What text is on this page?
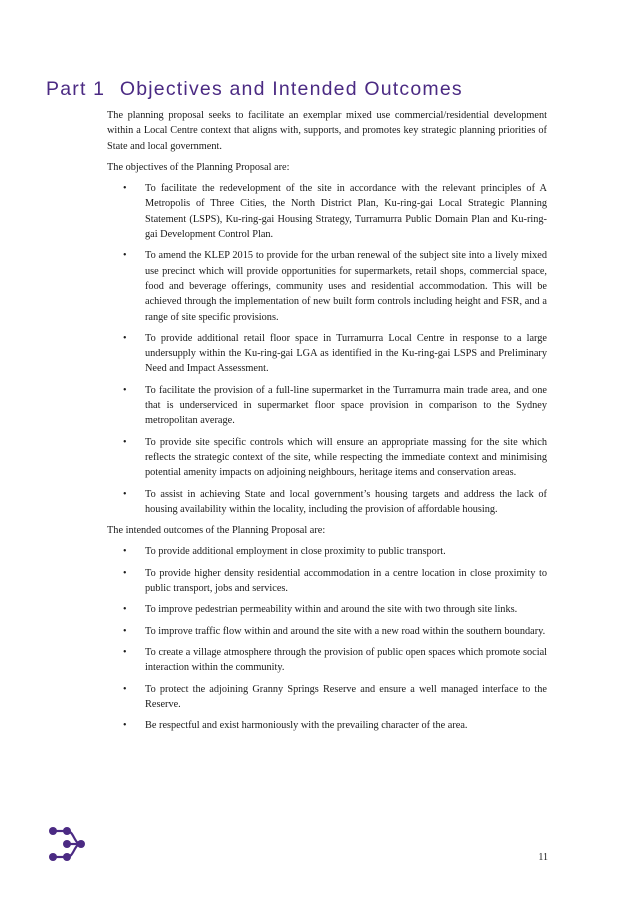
Part 1 Objectives and Intended Outcomes

The planning proposal seeks to facilitate an exemplar mixed use commercial/residential development within a Local Centre context that aligns with, supports, and promotes key strategic planning priorities of State and local government.

The objectives of the Planning Proposal are:

•	To facilitate the redevelopment of the site in accordance with the relevant principles of A Metropolis of Three Cities, the North District Plan, Ku-ring-gai Local Strategic Planning Statement (LSPS), Ku-ring-gai Housing Strategy, Turramurra Public Domain Plan and Ku-ring-gai Development Control Plan.
•	To amend the KLEP 2015 to provide for the urban renewal of the subject site into a lively mixed use precinct which will provide opportunities for supermarkets, retail shops, commercial space, food and beverage offerings, community uses and residential accommodation. This will be achieved through the implementation of new built form controls including height and FSR, and a range of site specific provisions.
•	To provide additional retail floor space in Turramurra Local Centre in response to a large undersupply within the Ku-ring-gai LGA as identified in the Ku-ring-gai LSPS and Preliminary Need and Impact Assessment.
•	To facilitate the provision of a full-line supermarket in the Turramurra main trade area, and one that is underserviced in supermarket floor space provision in comparison to the Sydney metropolitan average.
•	To provide site specific controls which will ensure an appropriate massing for the site which reflects the strategic context of the site, while respecting the immediate context and minimising potential amenity impacts on adjoining neighbours, heritage items and conservation areas.
•	To assist in achieving State and local government’s housing targets and address the lack of housing availability within the locality, including the provision of affordable housing.

The intended outcomes of the Planning Proposal are:

•	To provide additional employment in close proximity to public transport.
•	To provide higher density residential accommodation in a centre location in close proximity to public transport, jobs and services.
•	To improve pedestrian permeability within and around the site with two through site links.
•	To improve traffic flow within and around the site with a new road within the southern boundary.
•	To create a village atmosphere through the provision of public open spaces which promote social interaction within the community.
•	To protect the adjoining Granny Springs Reserve and ensure a well managed interface to the Reserve.
•	Be respectful and exist harmoniously with the prevailing character of the area.
11
